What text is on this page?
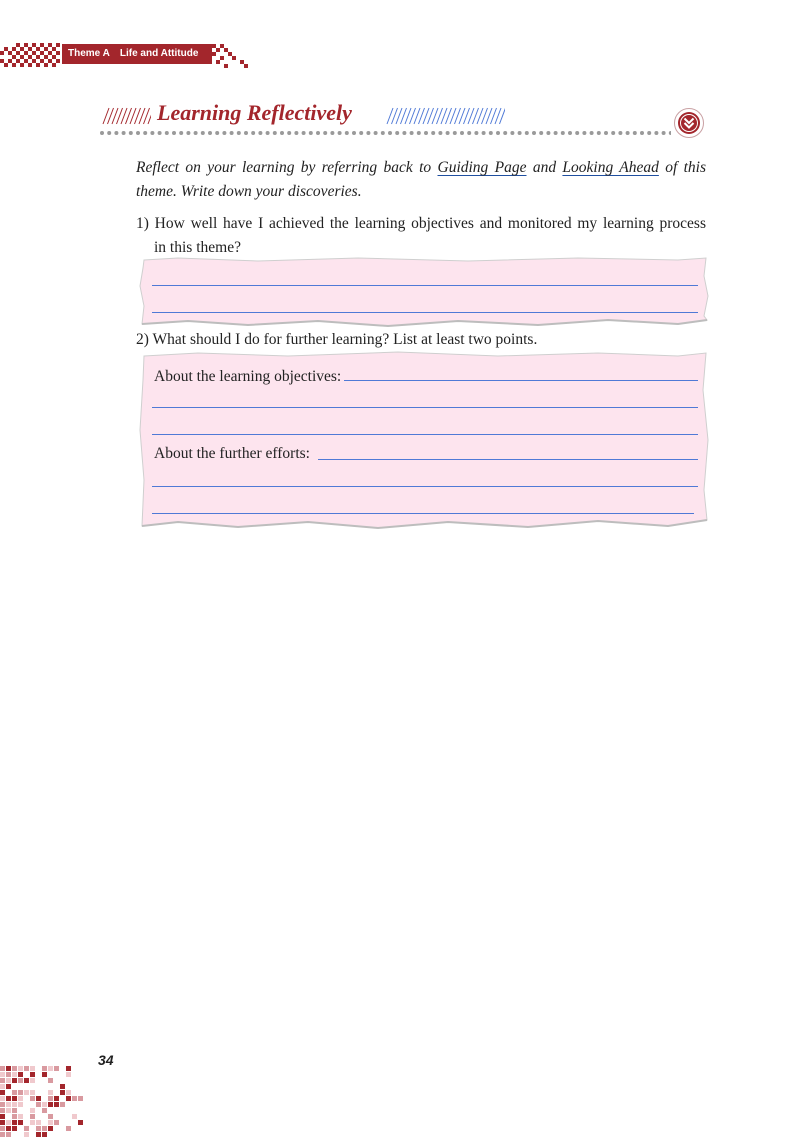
Theme A Life and Attitude
Learning Reflectively
Reflect on your learning by referring back to Guiding Page and Looking Ahead of this theme. Write down your discoveries.
1) How well have I achieved the learning objectives and monitored my learning process
in this theme?
2) What should I do for further learning? List at least two points.
About the learning objectives:
About the further efforts:
34
